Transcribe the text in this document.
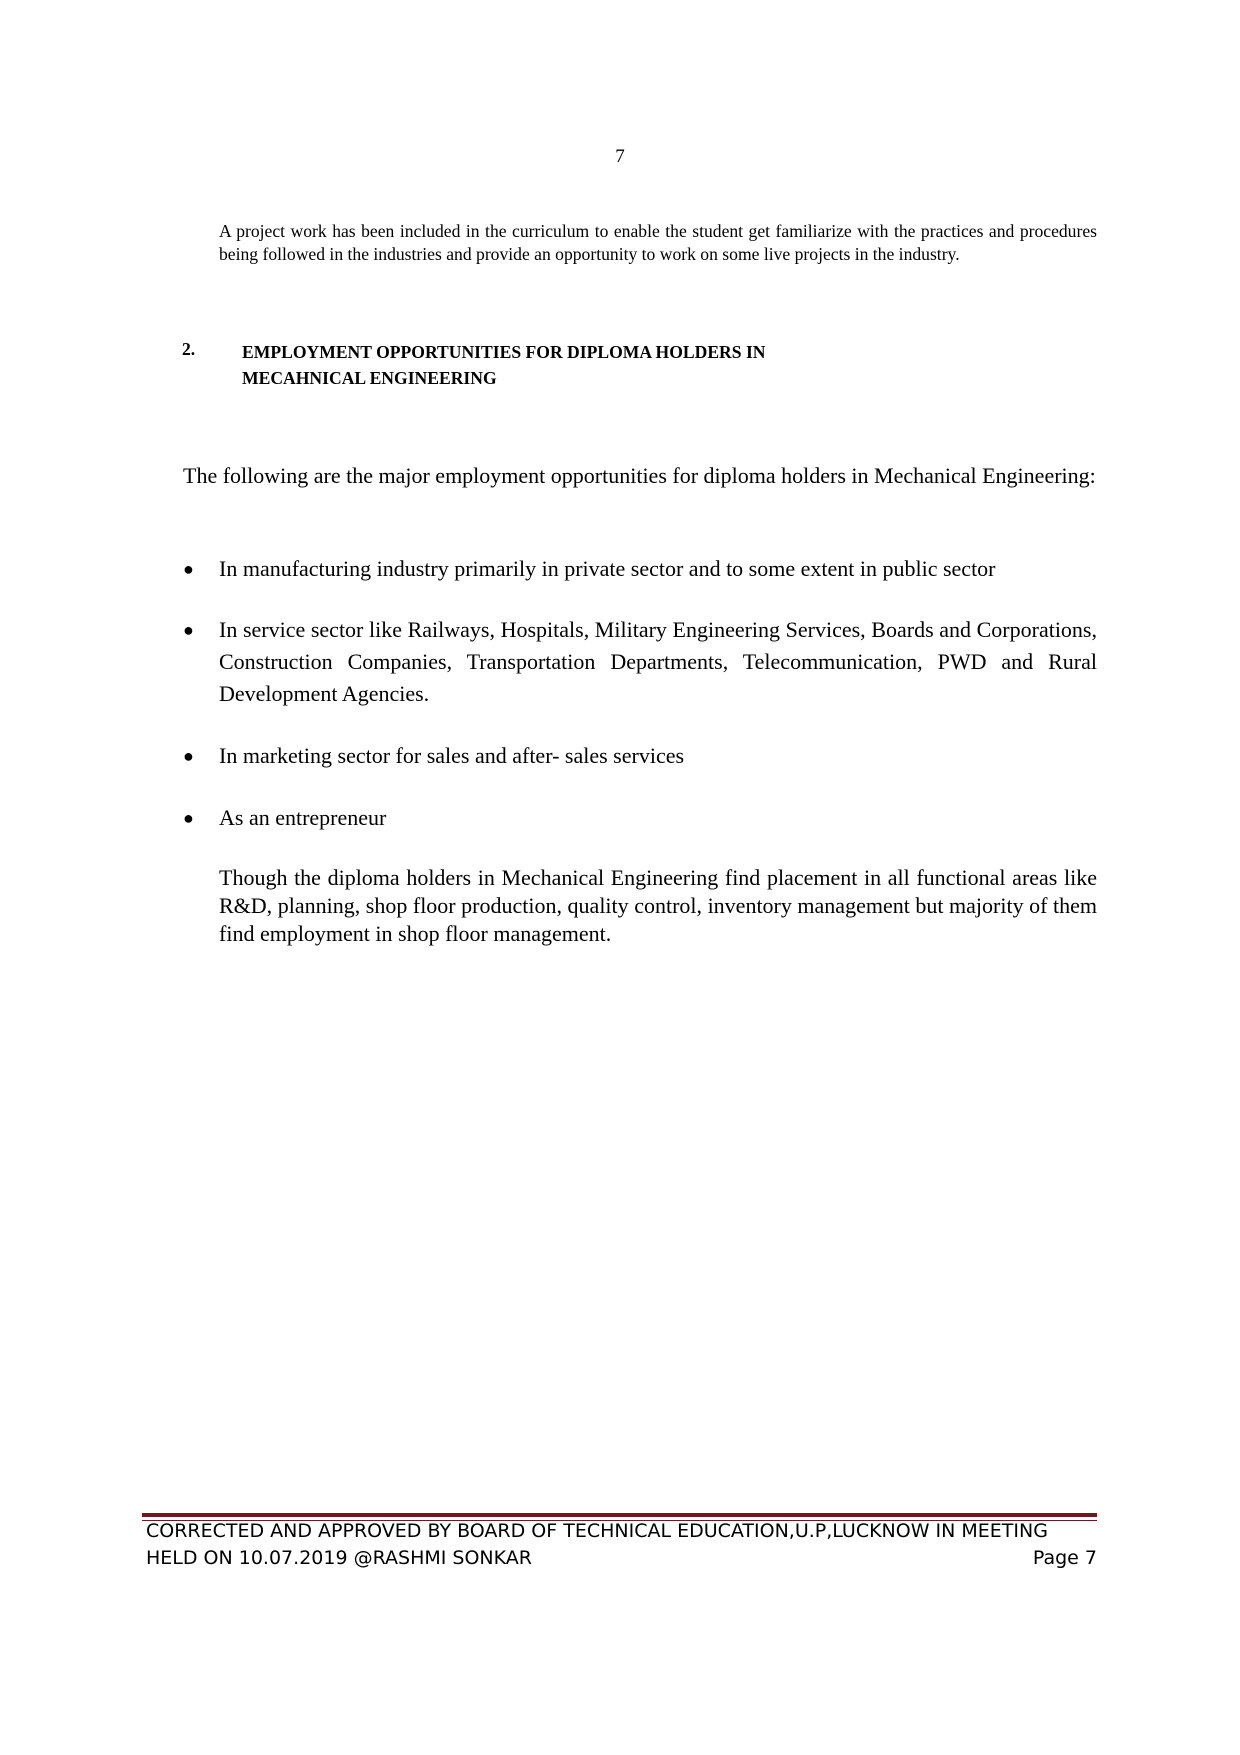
7

A project work has been included in the curriculum to enable the student get familiarize with the practices and procedures being followed in the industries and provide an opportunity to work on some live projects in the industry.

2.	EMPLOYMENT OPPORTUNITIES FOR DIPLOMA HOLDERS IN
MECAHNICAL ENGINEERING

The following are the major employment opportunities for diploma holders in Mechanical Engineering:

●	In manufacturing industry primarily in private sector and to some extent in public sector
●	In service sector like Railways, Hospitals, Military Engineering Services, Boards and Corporations, Construction Companies, Transportation Departments, Telecommunication, PWD and Rural Development Agencies.
●	In marketing sector for sales and after- sales services
●	As an entrepreneur

Though the diploma holders in Mechanical Engineering find placement in all functional areas like R&D, planning, shop floor production, quality control, inventory management but majority of them find employment in shop floor management.

CORRECTED AND APPROVED BY BOARD OF TECHNICAL EDUCATION,U.P,LUCKNOW IN MEETING
HELD ON 10.07.2019 @RASHMI SONKAR	Page 7
